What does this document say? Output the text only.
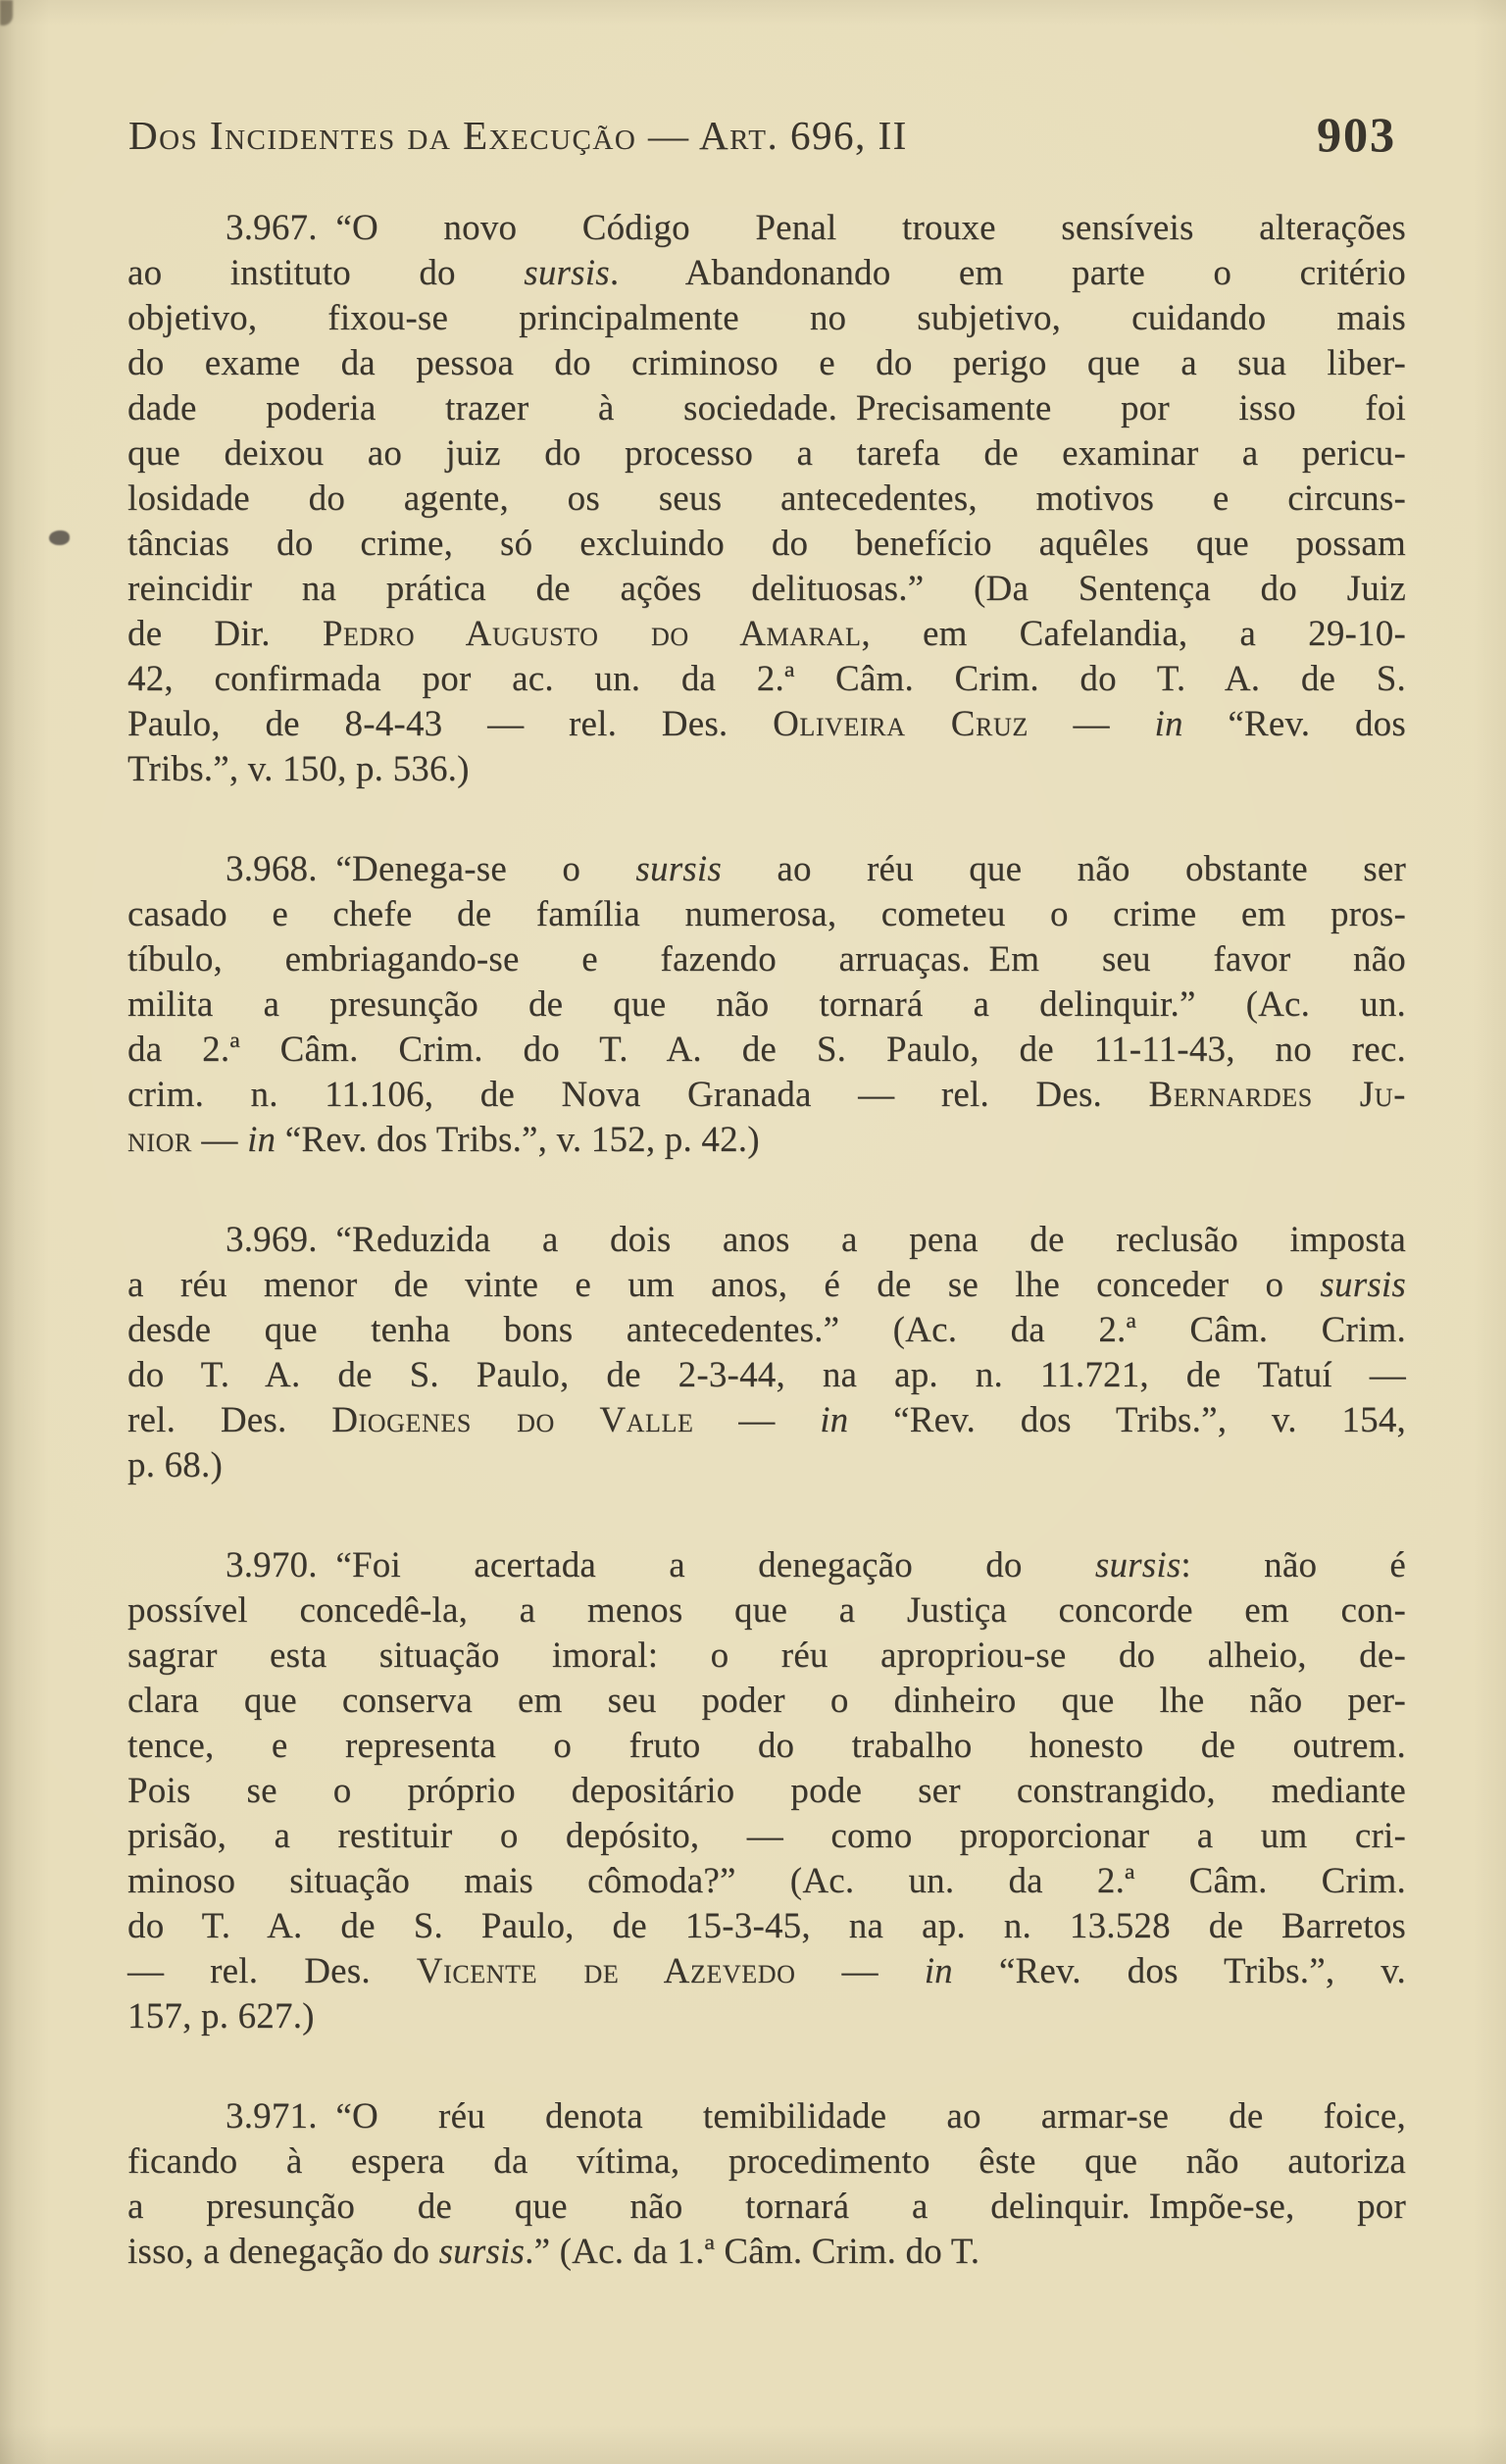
Dos Incidentes da Execução — Art. 696, II	903
3.967. “O novo Código Penal trouxe sensíveis alterações
ao instituto do sursis. Abandonando em parte o critério
objetivo, fixou-se principalmente no subjetivo, cuidando mais
do exame da pessoa do criminoso e do perigo que a sua liber-
dade poderia trazer à sociedade. Precisamente por isso foi
que deixou ao juiz do processo a tarefa de examinar a pericu-
losidade do agente, os seus antecedentes, motivos e circuns-
tâncias do crime, só excluindo do benefício aquêles que possam
reincidir na prática de ações delituosas.” (Da Sentença do Juiz
de Dir. Pedro Augusto do Amaral, em Cafelandia, a 29-10-
42, confirmada por ac. un. da 2.ª Câm. Crim. do T. A. de S.
Paulo, de 8-4-43 — rel. Des. Oliveira Cruz — in “Rev. dos
Tribs.”, v. 150, p. 536.)
3.968. “Denega-se o sursis ao réu que não obstante ser
casado e chefe de família numerosa, cometeu o crime em pros-
tíbulo, embriagando-se e fazendo arruaças. Em seu favor não
milita a presunção de que não tornará a delinquir.” (Ac. un.
da 2.ª Câm. Crim. do T. A. de S. Paulo, de 11-11-43, no rec.
crim. n. 11.106, de Nova Granada — rel. Des. Bernardes Ju-
nior — in “Rev. dos Tribs.”, v. 152, p. 42.)
3.969. “Reduzida a dois anos a pena de reclusão imposta
a réu menor de vinte e um anos, é de se lhe conceder o sursis
desde que tenha bons antecedentes.” (Ac. da 2.ª Câm. Crim.
do T. A. de S. Paulo, de 2-3-44, na ap. n. 11.721, de Tatuí —
rel. Des. Diogenes do Valle — in “Rev. dos Tribs.”, v. 154,
p. 68.)
3.970. “Foi acertada a denegação do sursis: não é
possível concedê-la, a menos que a Justiça concorde em con-
sagrar esta situação imoral: o réu apropriou-se do alheio, de-
clara que conserva em seu poder o dinheiro que lhe não per-
tence, e representa o fruto do trabalho honesto de outrem.
Pois se o próprio depositário pode ser constrangido, mediante
prisão, a restituir o depósito, — como proporcionar a um cri-
minoso situação mais cômoda?” (Ac. un. da 2.ª Câm. Crim.
do T. A. de S. Paulo, de 15-3-45, na ap. n. 13.528 de Barretos
— rel. Des. Vicente de Azevedo — in “Rev. dos Tribs.”, v.
157, p. 627.)
3.971. “O réu denota temibilidade ao armar-se de foice,
ficando à espera da vítima, procedimento êste que não autoriza
a presunção de que não tornará a delinquir. Impõe-se, por
isso, a denegação do sursis.” (Ac. da 1.ª Câm. Crim. do T.
